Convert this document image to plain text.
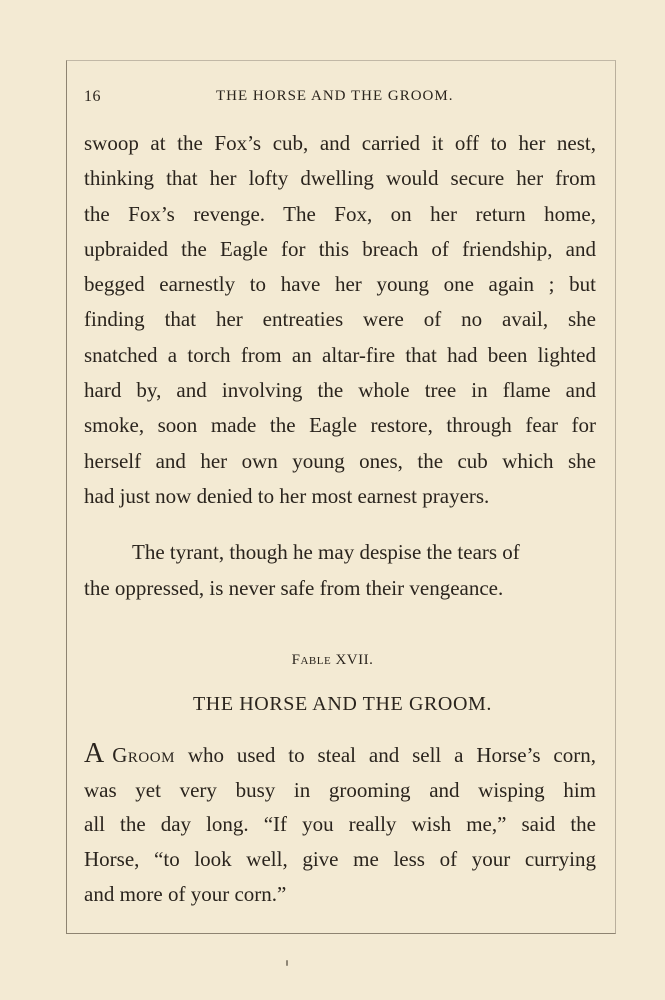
16	THE HORSE AND THE GROOM.
swoop at the Fox’s cub, and carried it off to her nest,
thinking that her lofty dwelling would secure her from
the Fox’s revenge. The Fox, on her return home,
upbraided the Eagle for this breach of friendship, and
begged earnestly to have her young one again ; but
finding that her entreaties were of no avail, she
snatched a torch from an altar-fire that had been lighted
hard by, and involving the whole tree in flame and
smoke, soon made the Eagle restore, through fear for
herself and her own young ones, the cub which she
had just now denied to her most earnest prayers.
The tyrant, though he may despise the tears of
the oppressed, is never safe from their vengeance.
Fable XVII.
THE HORSE AND THE GROOM.
A Groom who used to steal and sell a Horse’s corn,
was yet very busy in grooming and wisping him
all the day long. “If you really wish me,” said the
Horse, “to look well, give me less of your currying
and more of your corn.”
